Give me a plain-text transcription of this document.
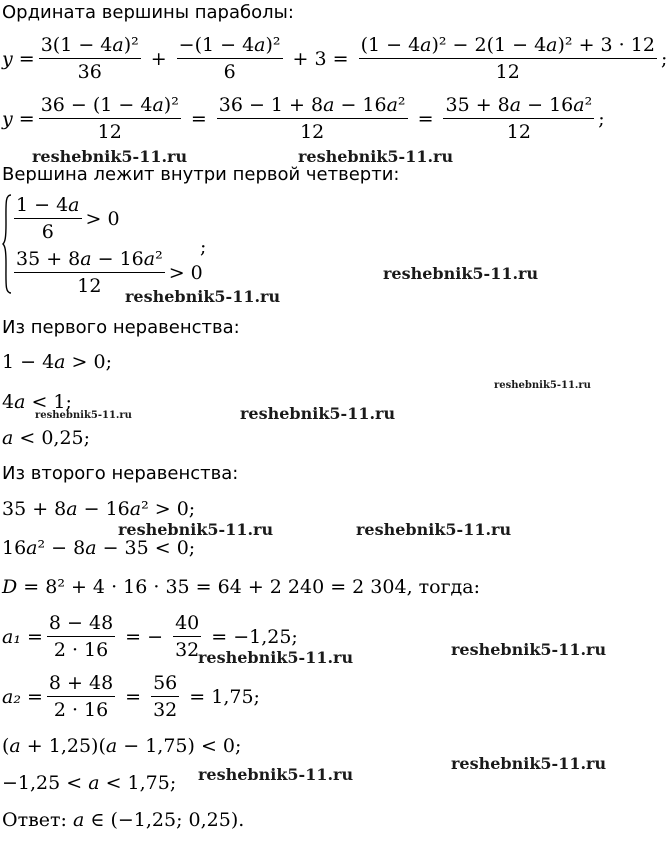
Ордината вершины параболы:
𝑦 = $\frac{\text{3(1 − 4𝑎)²}}{36} + \frac{\text{−(1 − 4𝑎)²}}{6} + 3 = \frac{\text{(1 − 4𝑎)² − 2(1 − 4𝑎)² + 3 · 12}}{12}$ ;
𝑦 = $\frac{\text{36 − (1 − 4𝑎)²}}{12} = \frac{\text{36 − 1 + 8𝑎 − 16𝑎²}}{12} = \frac{\text{35 + 8𝑎 − 16𝑎²}}{12}$ ;
Вершина лежит внутри первой четверти:
$\frac{\text{1 − 4𝑎}}{6} > 0$
;
$\frac{\text{35 + 8𝑎 − 16𝑎²}}{12} > 0$
Из первого неравенства:
1 − 4𝑎 > 0;
4𝑎 < 1;
𝑎 < 0,25;
Из второго неравенства:
35 + 8𝑎 − 16𝑎² > 0;
16𝑎² − 8𝑎 − 35 < 0;
𝐷 = 8² + 4 · 16 · 35 = 64 + 2 240 = 2 304, тогда:
𝑎₁ = $\frac{8 - 48}{2 \cdot 16}$ = − $\frac{40}{32} = -1,25$;
𝑎₂ = $\frac{8 + 48}{2 \cdot 16} = \frac{56}{32} = 1,75$;
(𝑎 + 1,25)(𝑎 − 1,75) < 0;
−1,25 < 𝑎 < 1,75;
Ответ: 𝑎 ∈ (−1,25; 0,25).
reshebnik5-11.ru	reshebnik5-11.ru
reshebnik5-11.ru
reshebnik5-11.ru
reshebnik5-11.ru
reshebnik5-11.ru	reshebnik5-11.ru
reshebnik5-11.ru	reshebnik5-11.ru
reshebnik5-11.ru	reshebnik5-11.ru
reshebnik5-11.ru
reshebnik5-11.ru
